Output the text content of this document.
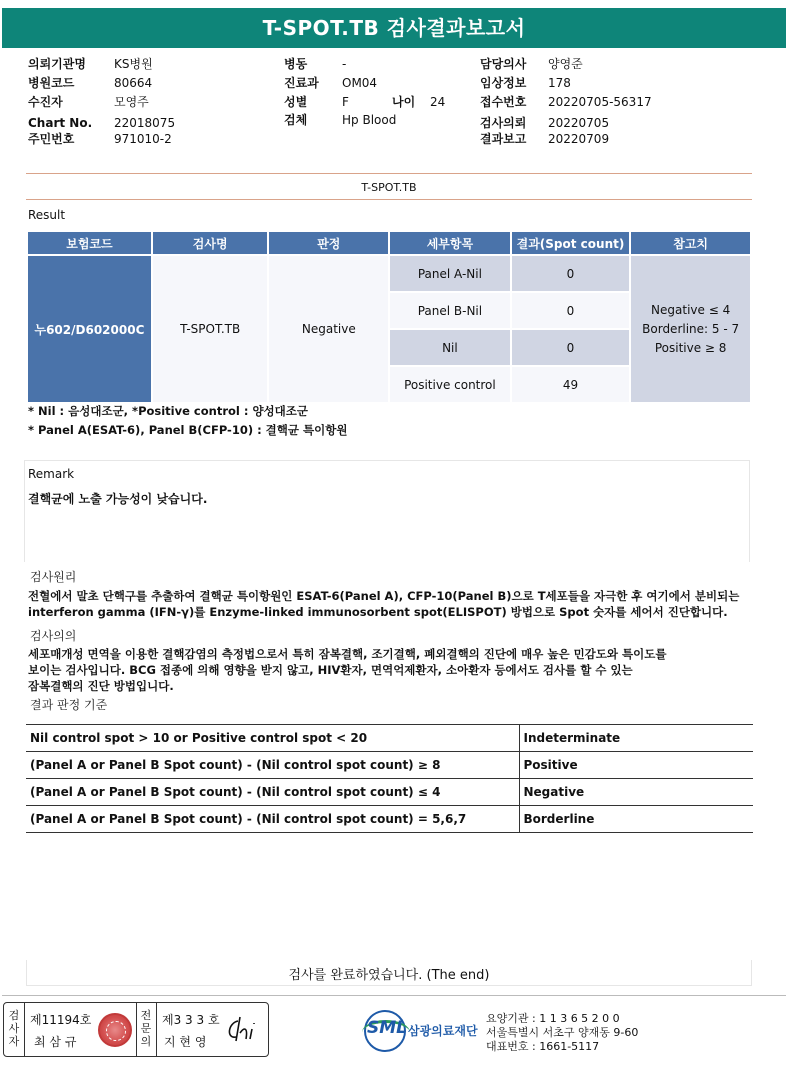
T-SPOT.TB 검사결과보고서
의뢰기관명 KS병원
병원코드	80664
수진자	모영주
Chart No. 22018075
주민번호	971010-2
병동	-
진료과 OM04
성별	F	나이 24
검체	Hp Blood
담당의사 양영준
임상정보 178
접수번호 20220705-56317
검사의뢰 20220705
결과보고 20220709
T-SPOT.TB
Result
보험코드	검사명	판정	세부항목	결과(Spot count)	참고치
누602/D602000C	T-SPOT.TB	Negative	Panel A-Nil	0	Negative ≤ 4
Borderline: 5 - 7
Positive ≥ 8

			Panel B-Nil	0	
			Nil	0	
			Positive control	49	
* Nil : 음성대조군, *Positive control : 양성대조군
* Panel A(ESAT-6), Panel B(CFP-10) : 결핵균 특이항원
Remark
결핵균에 노출 가능성이 낮습니다.
검사원리
전혈에서 말초 단핵구를 추출하여 결핵균 특이항원인 ESAT-6(Panel A), CFP-10(Panel B)으로 T세포들을 자극한 후 여기에서 분비되는
interferon gamma (IFN-γ)를 Enzyme-linked immunosorbent spot(ELISPOT) 방법으로 Spot 숫자를 세어서 진단합니다.
검사의의
세포매개성 면역을 이용한 결핵감염의 측정법으로서 특히 잠복결핵, 조기결핵, 폐외결핵의 진단에 매우 높은 민감도와 특이도를
보이는 검사입니다. BCG 접종에 의해 영향을 받지 않고, HIV환자, 면역억제환자, 소아환자 등에서도 검사를 할 수 있는
잠복결핵의 진단 방법입니다.
결과 판정 기준
Nil control spot > 10 or Positive control spot < 20	Indeterminate
(Panel A or Panel B Spot count) - (Nil control spot count) ≥ 8	Positive
(Panel A or Panel B Spot count) - (Nil control spot count) ≤ 4	Negative
(Panel A or Panel B Spot count) - (Nil control spot count) = 5,6,7	Borderline
검사를 완료하였습니다. (The end)
검사자
제11194호
최 삼 규
전문의
제3 3 3 호
지 현 영
SML 삼광의료재단
요양기관 : 1 1 3 6 5 2 0 0
서울특별시 서초구 양재동 9-60
대표번호 : 1661-5117
